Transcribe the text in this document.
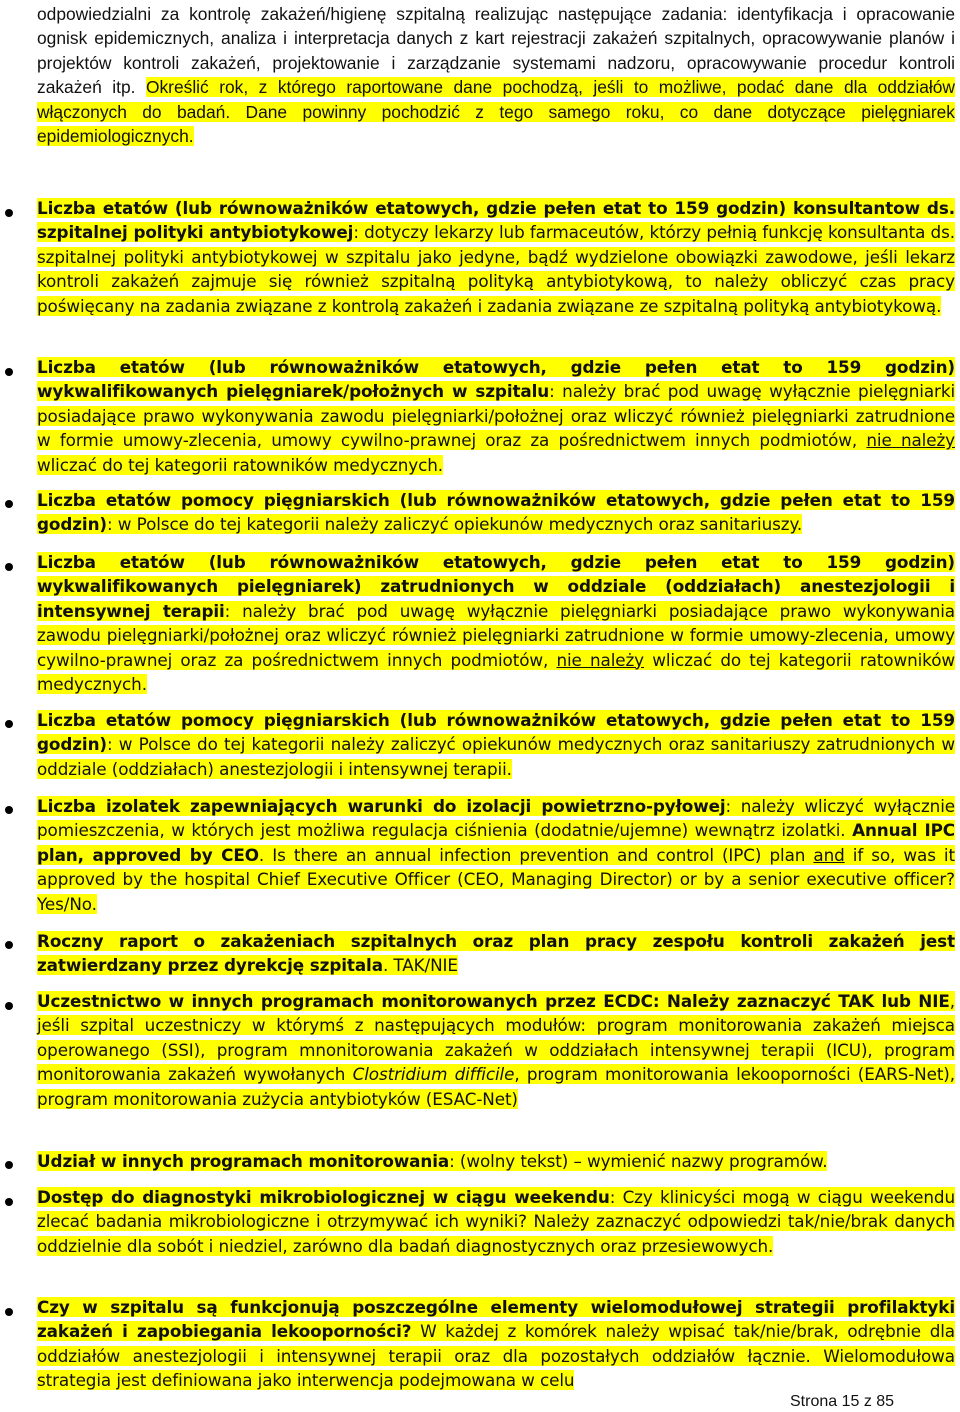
odpowiedzialni za kontrolę zakażeń/higienę szpitalną realizując następujące zadania: identyfikacja i opracowanie ognisk epidemicznych, analiza i interpretacja danych z kart rejestracji zakażeń szpitalnych, opracowywanie planów i projektów kontroli zakażeń, projektowanie i zarządzanie systemami nadzoru, opracowywanie procedur kontroli zakażeń itp. Określić rok, z którego raportowane dane pochodzą, jeśli to możliwe, podać dane dla oddziałów włączonych do badań. Dane powinny pochodzić z tego samego roku, co dane dotyczące pielęgniarek epidemiologicznych.

Liczba etatów (lub równoważników etatowych, gdzie pełen etat to 159 godzin) konsultantow ds. szpitalnej polityki antybiotykowej: dotyczy lekarzy lub farmaceutów, którzy pełnią funkcję konsultanta ds. szpitalnej polityki antybiotykowej w szpitalu jako jedyne, bądź wydzielone obowiązki zawodowe, jeśli lekarz kontroli zakażeń zajmuje się również szpitalną polityką antybiotykową, to należy obliczyć czas pracy poświęcany na zadania związane z kontrolą zakażeń i zadania związane ze szpitalną polityką antybiotykową.

Liczba etatów (lub równoważników etatowych, gdzie pełen etat to 159 godzin) wykwalifikowanych pielęgniarek/położnych w szpitalu: należy brać pod uwagę wyłącznie pielęgniarki posiadające prawo wykonywania zawodu pielęgniarki/położnej oraz wliczyć również pielęgniarki zatrudnione w formie umowy-zlecenia, umowy cywilno-prawnej oraz za pośrednictwem innych podmiotów, nie należy wliczać do tej kategorii ratowników medycznych.

Liczba etatów pomocy pięgniarskich (lub równoważników etatowych, gdzie pełen etat to 159 godzin): w Polsce do tej kategorii należy zaliczyć opiekunów medycznych oraz sanitariuszy.

Liczba etatów (lub równoważników etatowych, gdzie pełen etat to 159 godzin) wykwalifikowanych pielęgniarek) zatrudnionych w oddziale (oddziałach) anestezjologii i intensywnej terapii: należy brać pod uwagę wyłącznie pielęgniarki posiadające prawo wykonywania zawodu pielęgniarki/położnej oraz wliczyć również pielęgniarki zatrudnione w formie umowy-zlecenia, umowy cywilno-prawnej oraz za pośrednictwem innych podmiotów, nie należy wliczać do tej kategorii ratowników medycznych.

Liczba etatów pomocy pięgniarskich (lub równoważników etatowych, gdzie pełen etat to 159 godzin): w Polsce do tej kategorii należy zaliczyć opiekunów medycznych oraz sanitariuszy zatrudnionych w oddziale (oddziałach) anestezjologii i intensywnej terapii.

Liczba izolatek zapewniających warunki do izolacji powietrzno-pyłowej: należy wliczyć wyłącznie pomieszczenia, w których jest możliwa regulacja ciśnienia (dodatnie/ujemne) wewnątrz izolatki. Annual IPC plan, approved by CEO. Is there an annual infection prevention and control (IPC) plan and if so, was it approved by the hospital Chief Executive Officer (CEO, Managing Director) or by a senior executive officer? Yes/No.

Roczny raport o zakażeniach szpitalnych oraz plan pracy zespołu kontroli zakażeń jest zatwierdzany przez dyrekcję szpitala. TAK/NIE

Uczestnictwo w innych programach monitorowanych przez ECDC: Należy zaznaczyć TAK lub NIE, jeśli szpital uczestniczy w którymś z następujących modułów: program monitorowania zakażeń miejsca operowanego (SSI), program mnonitorowania zakażeń w oddziałach intensywnej terapii (ICU), program monitorowania zakażeń wywołanych Clostridium difficile, program monitorowania lekooporności (EARS-Net), program monitorowania zużycia antybiotyków (ESAC-Net)

Udział w innych programach monitorowania: (wolny tekst) – wymienić nazwy programów.

Dostęp do diagnostyki mikrobiologicznej w ciągu weekendu: Czy klinicyści mogą w ciągu weekendu zlecać badania mikrobiologiczne i otrzymywać ich wyniki? Należy zaznaczyć odpowiedzi tak/nie/brak danych oddzielnie dla sobót i niedziel, zarówno dla badań diagnostycznych oraz przesiewowych.

Czy w szpitalu są funkcjonują poszczególne elementy wielomodułowej strategii profilaktyki zakażeń i zapobiegania lekooporności? W każdej z komórek należy wpisać tak/nie/brak, odrębnie dla oddziałów anestezjologii i intensywnej terapii oraz dla pozostałych oddziałów łącznie. Wielomodułowa strategia jest definiowana jako interwencja podejmowana w celu

Strona 15 z 85
